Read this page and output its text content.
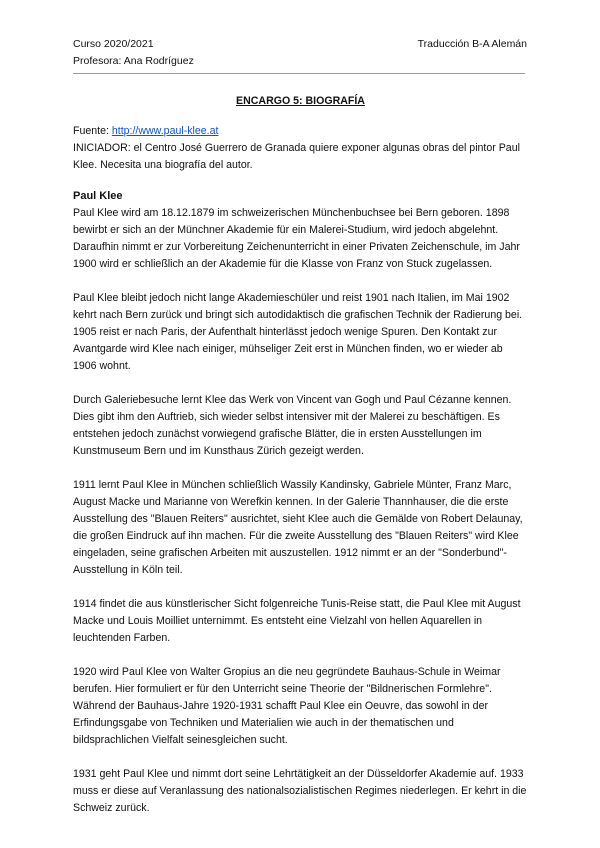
Curso 2020/2021	Traducción B-A Alemán
Profesora: Ana Rodríguez

ENCARGO 5: BIOGRAFÍA

Fuente: http://www.paul-klee.at

INICIADOR: el Centro José Guerrero de Granada quiere exponer algunas obras del pintor Paul Klee. Necesita una biografía del autor.

Paul Klee

Paul Klee wird am 18.12.1879 im schweizerischen Münchenbuchsee bei Bern geboren. 1898 bewirbt er sich an der Münchner Akademie für ein Malerei-Studium, wird jedoch abgelehnt. Daraufhin nimmt er zur Vorbereitung Zeichenunterricht in einer Privaten Zeichenschule, im Jahr 1900 wird er schließlich an der Akademie für die Klasse von Franz von Stuck zugelassen.

Paul Klee bleibt jedoch nicht lange Akademieschüler und reist 1901 nach Italien, im Mai 1902 kehrt nach Bern zurück und bringt sich autodidaktisch die grafischen Technik der Radierung bei. 1905 reist er nach Paris, der Aufenthalt hinterlässt jedoch wenige Spuren. Den Kontakt zur Avantgarde wird Klee nach einiger, mühseliger Zeit erst in München finden, wo er wieder ab 1906 wohnt.

Durch Galeriebesuche lernt Klee das Werk von Vincent van Gogh und Paul Cézanne kennen. Dies gibt ihm den Auftrieb, sich wieder selbst intensiver mit der Malerei zu beschäftigen. Es entstehen jedoch zunächst vorwiegend grafische Blätter, die in ersten Ausstellungen im Kunstmuseum Bern und im Kunsthaus Zürich gezeigt werden.

1911 lernt Paul Klee in München schließlich Wassily Kandinsky, Gabriele Münter, Franz Marc, August Macke und Marianne von Werefkin kennen. In der Galerie Thannhauser, die die erste Ausstellung des "Blauen Reiters" ausrichtet, sieht Klee auch die Gemälde von Robert Delaunay, die großen Eindruck auf ihn machen. Für die zweite Ausstellung des "Blauen Reiters" wird Klee eingeladen, seine grafischen Arbeiten mit auszustellen. 1912 nimmt er an der "Sonderbund"-Ausstellung in Köln teil.

1914 findet die aus künstlerischer Sicht folgenreiche Tunis-Reise statt, die Paul Klee mit August Macke und Louis Moilliet unternimmt. Es entsteht eine Vielzahl von hellen Aquarellen in leuchtenden Farben.

1920 wird Paul Klee von Walter Gropius an die neu gegründete Bauhaus-Schule in Weimar berufen. Hier formuliert er für den Unterricht seine Theorie der "Bildnerischen Formlehre". Während der Bauhaus-Jahre 1920-1931 schafft Paul Klee ein Oeuvre, das sowohl in der Erfindungsgabe von Techniken und Materialien wie auch in der thematischen und bildsprachlichen Vielfalt seinesgleichen sucht.

1931 geht Paul Klee und nimmt dort seine Lehrtätigkeit an der Düsseldorfer Akademie auf. 1933 muss er diese auf Veranlassung des nationalsozialistischen Regimes niederlegen. Er kehrt in die Schweiz zurück.
